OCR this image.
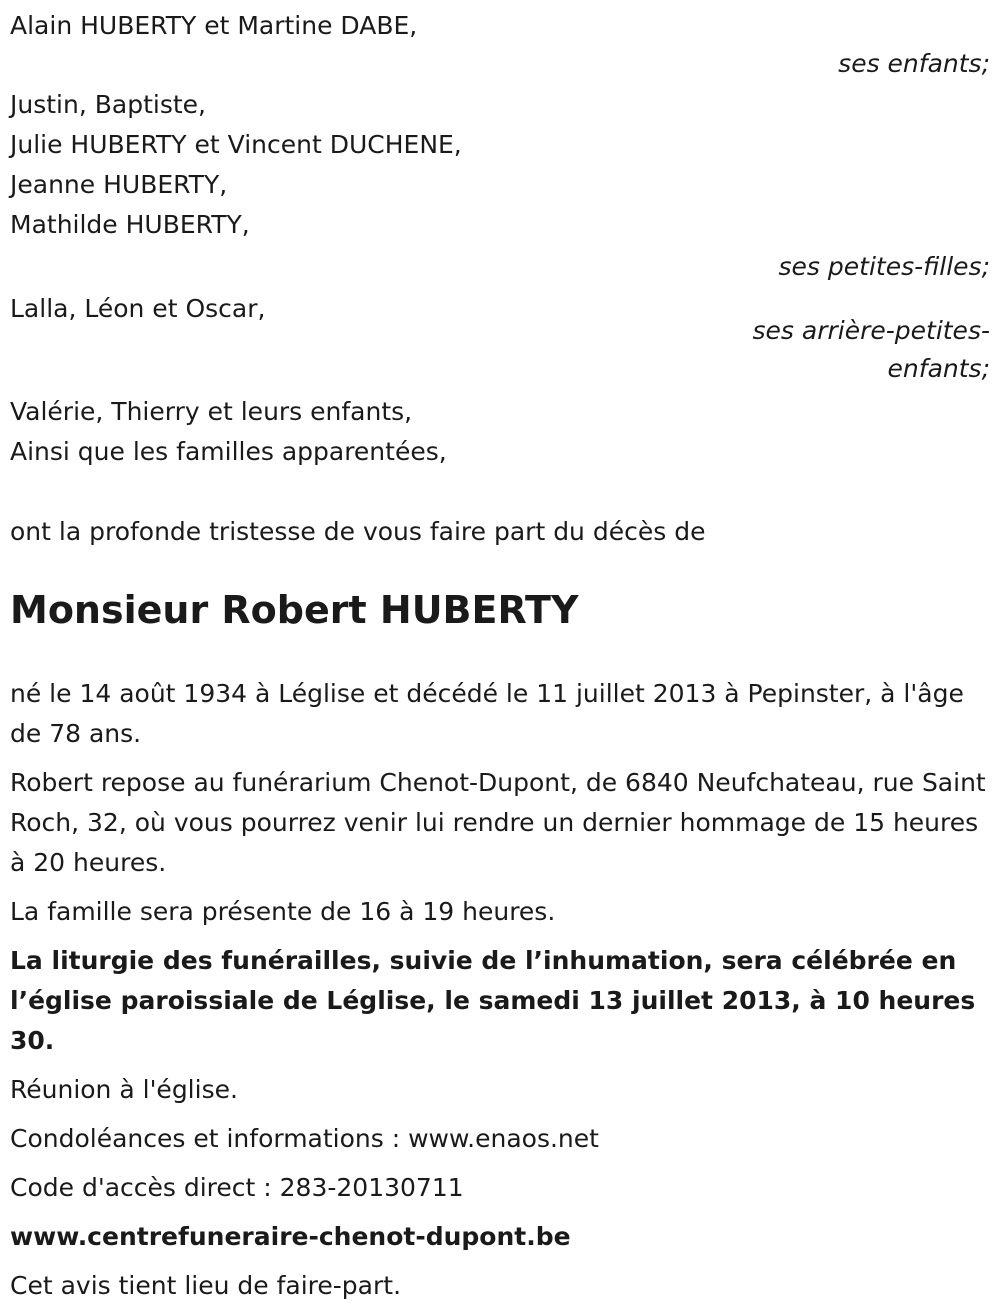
Alain HUBERTY et Martine DABE,
ses enfants;
Justin, Baptiste,
Julie HUBERTY et Vincent DUCHENE,
Jeanne HUBERTY,
Mathilde HUBERTY,
ses petites-filles;
Lalla, Léon et Oscar,
ses arrière-petites-
enfants;
Valérie, Thierry et leurs enfants,
Ainsi que les familles apparentées,
ont la profonde tristesse de vous faire part du décès de
Monsieur Robert HUBERTY
né le 14 août 1934 à Léglise et décédé le 11 juillet 2013 à Pepinster, à l'âge de 78 ans.
Robert repose au funérarium Chenot-Dupont, de 6840 Neufchateau, rue Saint Roch, 32, où vous pourrez venir lui rendre un dernier hommage de 15 heures à 20 heures.
La famille sera présente de 16 à 19 heures.
La liturgie des funérailles, suivie de l’inhumation, sera célébrée en l’église paroissiale de Léglise, le samedi 13 juillet 2013, à 10 heures 30.
Réunion à l'église.
Condoléances et informations : www.enaos.net
Code d'accès direct : 283-20130711
www.centrefuneraire-chenot-dupont.be
Cet avis tient lieu de faire-part.
